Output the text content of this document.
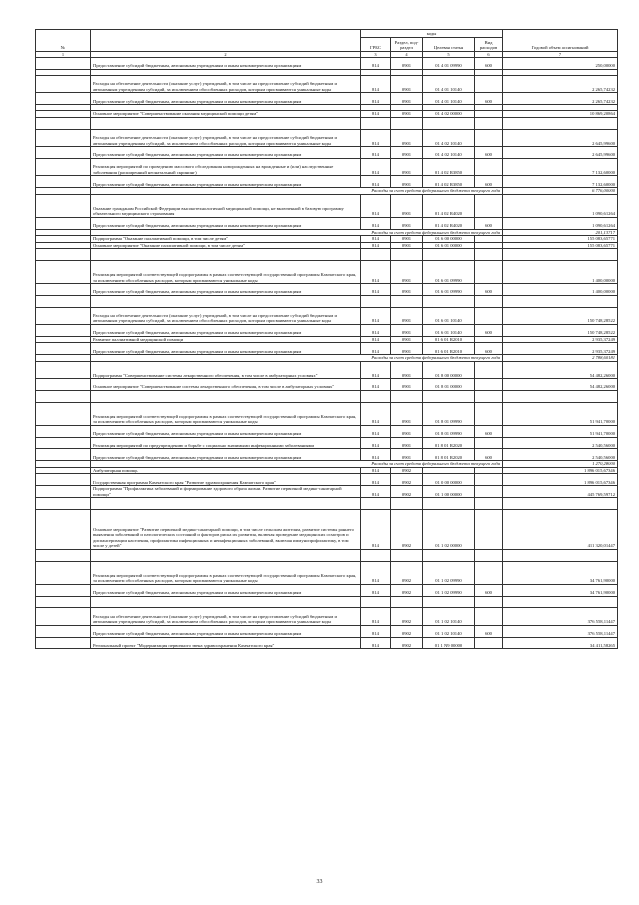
№		коды				Годовой объем ассигнований
		ГРБС	Раздел, под-раздел	Целевая статья	Вид расходов	
1	2	3	4	5	6	7
	Предоставление субсидий бюджетным, автономным учреждениям и иным некоммерческим организациям	814	0901	01 4 01 09990	600	250,00000

	Расходы на обеспечение деятельности (оказание услуг) учреждений, в том числе на предоставление субсидий бюджетным и автономным учреждениям субсидий, за исключением обособленных расходов, которым присваиваются уникальные коды	814	0901	01 4 01 10140		2 265,74232
	Предоставление субсидий бюджетным, автономным учреждениям и иным некоммерческим организациям	814	0901	01 4 01 10140	600	2 265,74232

	Основное мероприятие "Совершенствование оказания медицинской помощи детям"	814	0901	01 4 02 00000		10 869,20864

	Расходы на обеспечение деятельности (оказание услуг) учреждений, в том числе на предоставление субсидий бюджетным и автономным учреждениям субсидий, за исключением обособленных расходов, которым присваиваются уникальные коды	814	0901	01 4 02 10140		2 645,99600
	Предоставление субсидий бюджетным, автономным учреждениям и иным некоммерческим организациям	814	0901	01 4 02 10140	600	2 645,99600
	Реализация мероприятий по проведению массового обследования новорожденных на врожденные и (или) наследственные заболевания (расширенный неонатальный скрининг)	814	0901	01 4 02 R3850		7 132,60000
	Предоставление субсидий бюджетным, автономным учреждениям и иным некоммерческим организациям	814	0901	01 4 02 R3850	600	7 132,60000
	Расходы за счет средств федерального бюджета текущего года					6 776,00000
	Оказание гражданам Российской Федерации высокотехнологичной медицинской помощи, не включенной в базовую программу обязательного медицинского страхования	814	0901	01 4 02 R4020		1 090,61264
	Предоставление субсидий бюджетным, автономным учреждениям и иным некоммерческим организациям	814	0901	01 4 02 R4020	600	1 090,61264
	Расходы за счет средств федерального бюджета текущего года					201,13717
	Подпрограмма "Оказание паллиативной помощи, в том числе детям"	814	0901	01 6 00 00000		155 083,65771
	Основное мероприятие "Оказание паллиативной помощи, в том числе детям"	814	0901	01 6 01 00000		155 083,65771

	Реализация мероприятий соответствующей подпрограммы в рамках соответствующей государственной программы Камчатского края, за исключением обособленных расходов, которым присваиваются уникальные коды	814	0901	01 6 01 09990		1 400,00000
	Предоставление субсидий бюджетным, автономным учреждениям и иным некоммерческим организациям	814	0901	01 6 01 09990	600	1 400,00000

	Расходы на обеспечение деятельности (оказание услуг) учреждений, в том числе на предоставление субсидий бюджетным и автономным учреждениям субсидий, за исключением обособленных расходов, которым присваиваются уникальные коды	814	0901	01 6 01 10140		150 748,28522
	Предоставление субсидий бюджетным, автономным учреждениям и иным некоммерческим организациям	814	0901	01 6 01 10140	600	150 748,28522
	Развитие паллиативной медицинской помощи	814	0901	01 6 01 R2010		2 935,37249
	Предоставление субсидий бюджетным, автономным учреждениям и иным некоммерческим организациям	814	0901	01 6 01 R2010	600	2 935,37249
	Расходы за счет средств федерального бюджета текущего года					2 788,60181
	Подпрограмма "Совершенствование системы лекарственного обеспечения, в том числе в амбулаторных условиях"	814	0901	01 8 00 00000		54 482,26000
	Основное мероприятие "Совершенствование системы лекарственного обеспечения, в том числе в амбулаторных условиях"	814	0901	01 8 01 00000		54 482,26000

	Реализация мероприятий соответствующей подпрограммы в рамках соответствующей государственной программы Камчатского края, за исключением обособленных расходов, которым присваиваются уникальные коды	814	0901	01 8 01 09990		51 941,70000
	Предоставление субсидий бюджетным, автономным учреждениям и иным некоммерческим организациям	814	0901	01 8 01 09990	600	51 941,70000
	Реализация мероприятий по предупреждению и борьбе с социально значимыми инфекционными заболеваниями	814	0901	01 8 01 R2020		2 540,56000
	Предоставление субсидий бюджетным, автономным учреждениям и иным некоммерческим организациям	814	0901	01 8 01 R2020	600	2 540,56000
	Расходы за счет средств федерального бюджета текущего года					1 270,28000
	Амбулаторная помощь	814	0902			1 896 015,67346
	Государственная программа Камчатского края "Развитие здравоохранения Камчатского края"	814	0902	01 0 00 00000		1 896 015,67346
	Подпрограмма "Профилактика заболеваний и формирование здорового образа жизни. Развитие первичной медико-санитарной помощи"	814	0902	01 1 00 00000		445 769,59712

	Основное мероприятие "Развитие первичной медико-санитарной помощи, в том числе сельским жителям, развитие системы раннего выявления заболеваний и патологических состояний и факторов риска их развития, включая проведение медицинских осмотров и диспансеризации населения, профилактика инфекционных и неинфекционных заболеваний, включая иммунопрофилактику, в том числе у детей"	814	0902	01 1 02 00000		411 320,01447

	Реализация мероприятий соответствующей подпрограммы в рамках соответствующей государственной программы Камчатского края, за исключением обособленных расходов, которым присваиваются уникальные коды	814	0902	01 1 02 09990		34 761,90000
	Предоставление субсидий бюджетным, автономным учреждениям и иным некоммерческим организациям	814	0902	01 1 02 09990	600	34 761,90000

	Расходы на обеспечение деятельности (оказание услуг) учреждений, в том числе на предоставление субсидий бюджетным и автономным учреждениям субсидий, за исключением обособленных расходов, которым присваиваются уникальные коды	814	0902	01 1 02 10140		376 558,11447
	Предоставление субсидий бюджетным, автономным учреждениям и иным некоммерческим организациям	814	0902	01 1 02 10140	600	376 558,11447
	Региональный проект "Модернизация первичного звена здравоохранения Камчатского края"	814	0902	01 1 N9 00000		34 411,58265
33
